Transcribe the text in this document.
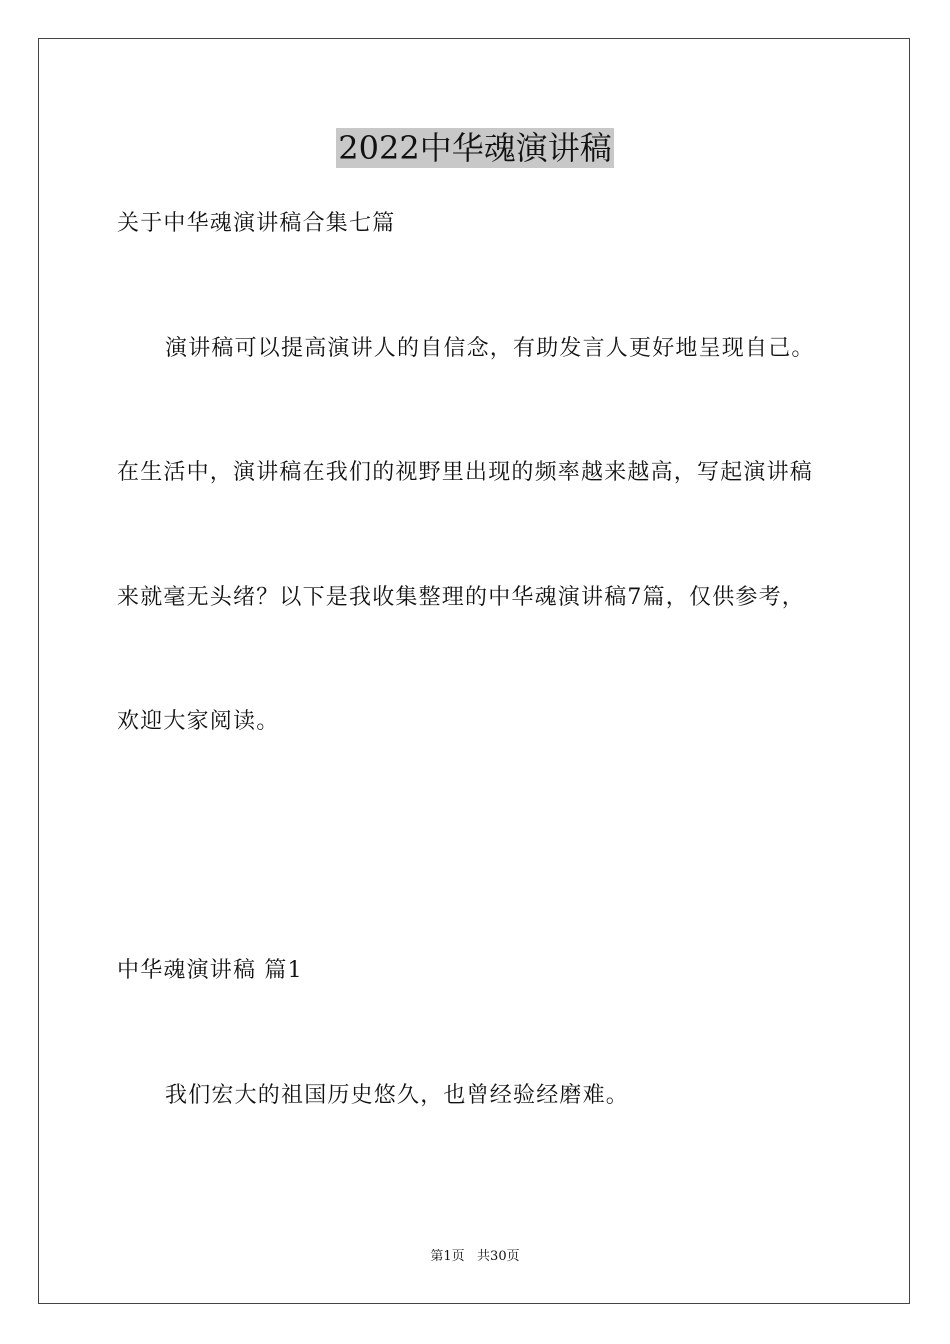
2022中华魂演讲稿
关于中华魂演讲稿合集七篇
演讲稿可以提高演讲人的自信念，有助发言人更好地呈现自己。
在生活中，演讲稿在我们的视野里出现的频率越来越高，写起演讲稿
来就毫无头绪？以下是我收集整理的中华魂演讲稿7篇，仅供参考，
欢迎大家阅读。
中华魂演讲稿 篇1
我们宏大的祖国历史悠久，也曾经验经磨难。
第1页   共30页
